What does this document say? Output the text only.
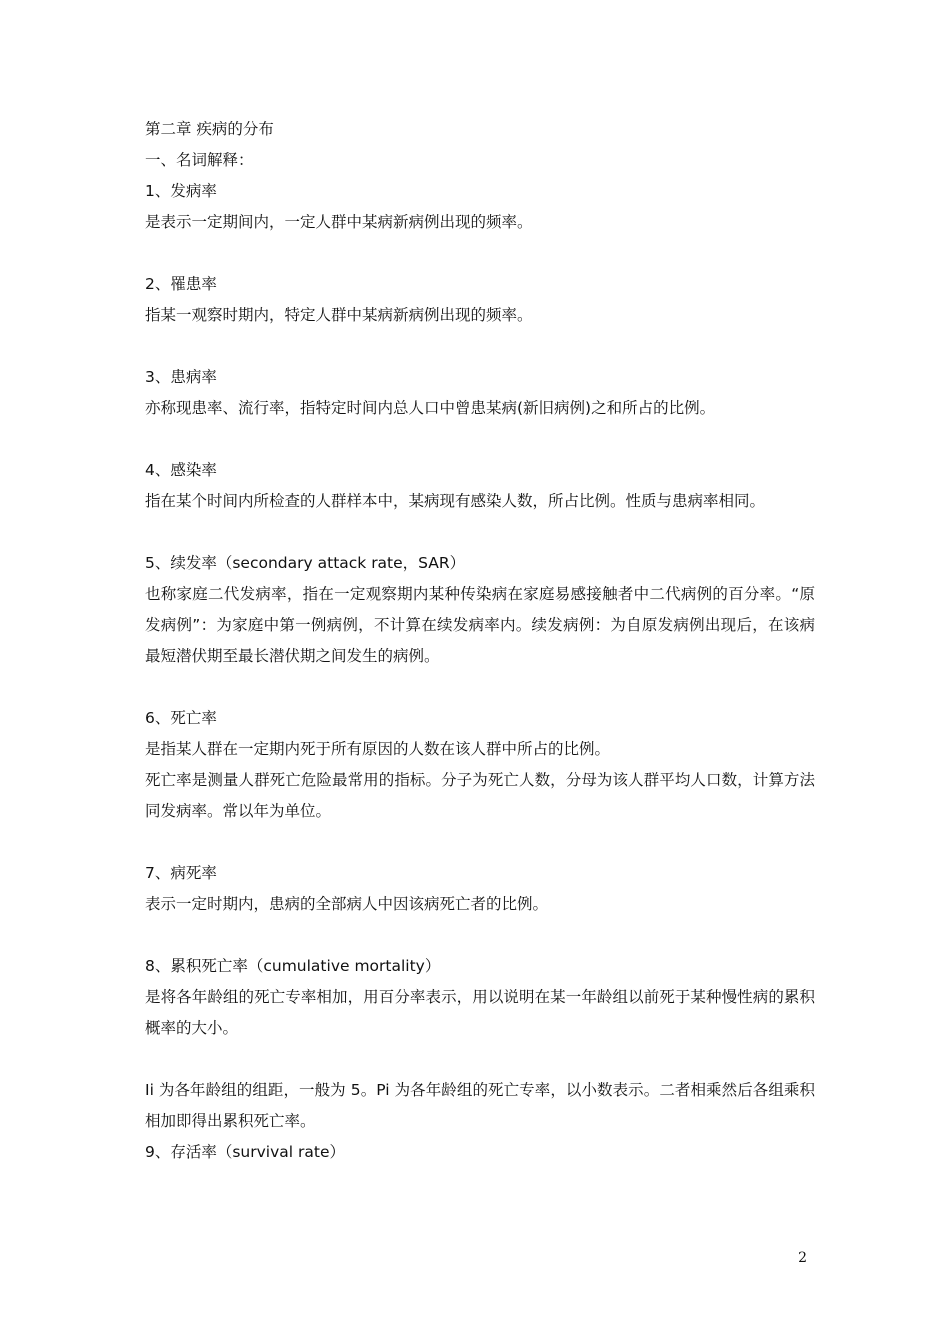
第二章 疾病的分布
一、名词解释：
1、发病率
是表示一定期间内，一定人群中某病新病例出现的频率。
2、罹患率
指某一观察时期内，特定人群中某病新病例出现的频率。
3、患病率
亦称现患率、流行率，指特定时间内总人口中曾患某病(新旧病例)之和所占的比例。
4、感染率
指在某个时间内所检查的人群样本中，某病现有感染人数，所占比例。性质与患病率相同。
5、续发率（secondary attack rate，SAR）
也称家庭二代发病率，指在一定观察期内某种传染病在家庭易感接触者中二代病例的百分率。“原发病例”：为家庭中第一例病例，不计算在续发病率内。续发病例：为自原发病例出现后，在该病最短潜伏期至最长潜伏期之间发生的病例。
6、死亡率
是指某人群在一定期内死于所有原因的人数在该人群中所占的比例。
死亡率是测量人群死亡危险最常用的指标。分子为死亡人数，分母为该人群平均人口数，计算方法同发病率。常以年为单位。
7、病死率
表示一定时期内，患病的全部病人中因该病死亡者的比例。
8、累积死亡率（cumulative mortality）
是将各年龄组的死亡专率相加，用百分率表示，用以说明在某一年龄组以前死于某种慢性病的累积概率的大小。
Ii 为各年龄组的组距，一般为 5。Pi 为各年龄组的死亡专率，以小数表示。二者相乘然后各组乘积相加即得出累积死亡率。
9、存活率（survival rate）
2
